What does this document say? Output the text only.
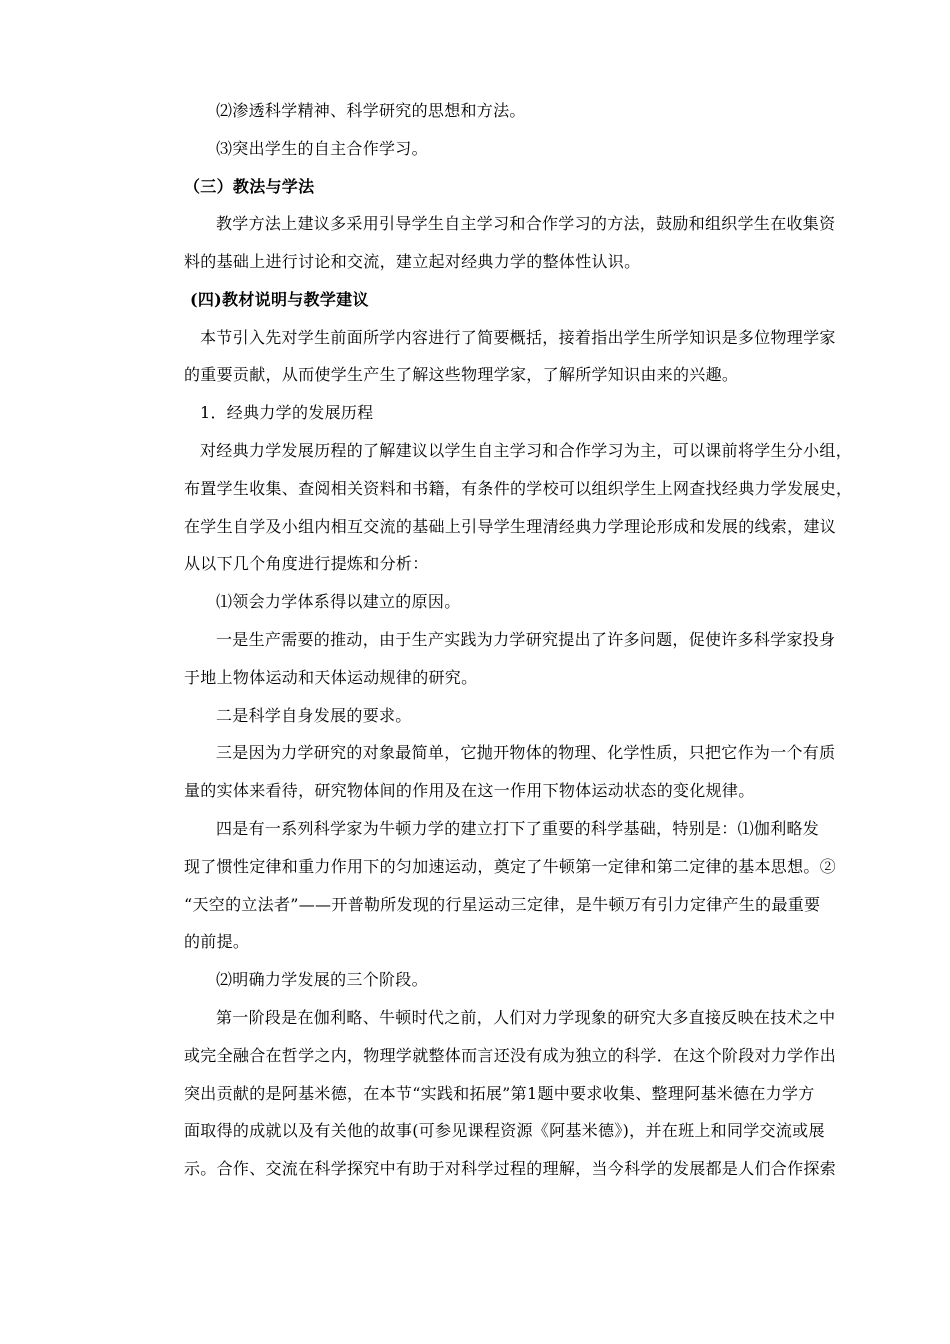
⑵渗透科学精神、科学研究的思想和方法。
⑶突出学生的自主合作学习。
（三）教法与学法
教学方法上建议多采用引导学生自主学习和合作学习的方法，鼓励和组织学生在收集资
料的基础上进行讨论和交流，建立起对经典力学的整体性认识。
(四)教材说明与教学建议
本节引入先对学生前面所学内容进行了简要概括，接着指出学生所学知识是多位物理学家
的重要贡献，从而使学生产生了解这些物理学家，了解所学知识由来的兴趣。
1．经典力学的发展历程
对经典力学发展历程的了解建议以学生自主学习和合作学习为主，可以课前将学生分小组，
布置学生收集、查阅相关资料和书籍，有条件的学校可以组织学生上网查找经典力学发展史，
在学生自学及小组内相互交流的基础上引导学生理清经典力学理论形成和发展的线索，建议
从以下几个角度进行提炼和分析：
⑴领会力学体系得以建立的原因。
一是生产需要的推动，由于生产实践为力学研究提出了许多问题，促使许多科学家投身
于地上物体运动和天体运动规律的研究。
二是科学自身发展的要求。
三是因为力学研究的对象最简单，它抛开物体的物理、化学性质，只把它作为一个有质
量的实体来看待，研究物体间的作用及在这一作用下物体运动状态的变化规律。
四是有一系列科学家为牛顿力学的建立打下了重要的科学基础，特别是：⑴伽利略发
现了惯性定律和重力作用下的匀加速运动，奠定了牛顿第一定律和第二定律的基本思想。②
“天空的立法者”——开普勒所发现的行星运动三定律，是牛顿万有引力定律产生的最重要
的前提。
⑵明确力学发展的三个阶段。
第一阶段是在伽利略、牛顿时代之前，人们对力学现象的研究大多直接反映在技术之中
或完全融合在哲学之内，物理学就整体而言还没有成为独立的科学．在这个阶段对力学作出
突出贡献的是阿基米德，在本节“实践和拓展”第1题中要求收集、整理阿基米德在力学方
面取得的成就以及有关他的故事(可参见课程资源《阿基米德》)，并在班上和同学交流或展
示。合作、交流在科学探究中有助于对科学过程的理解，当今科学的发展都是人们合作探索
